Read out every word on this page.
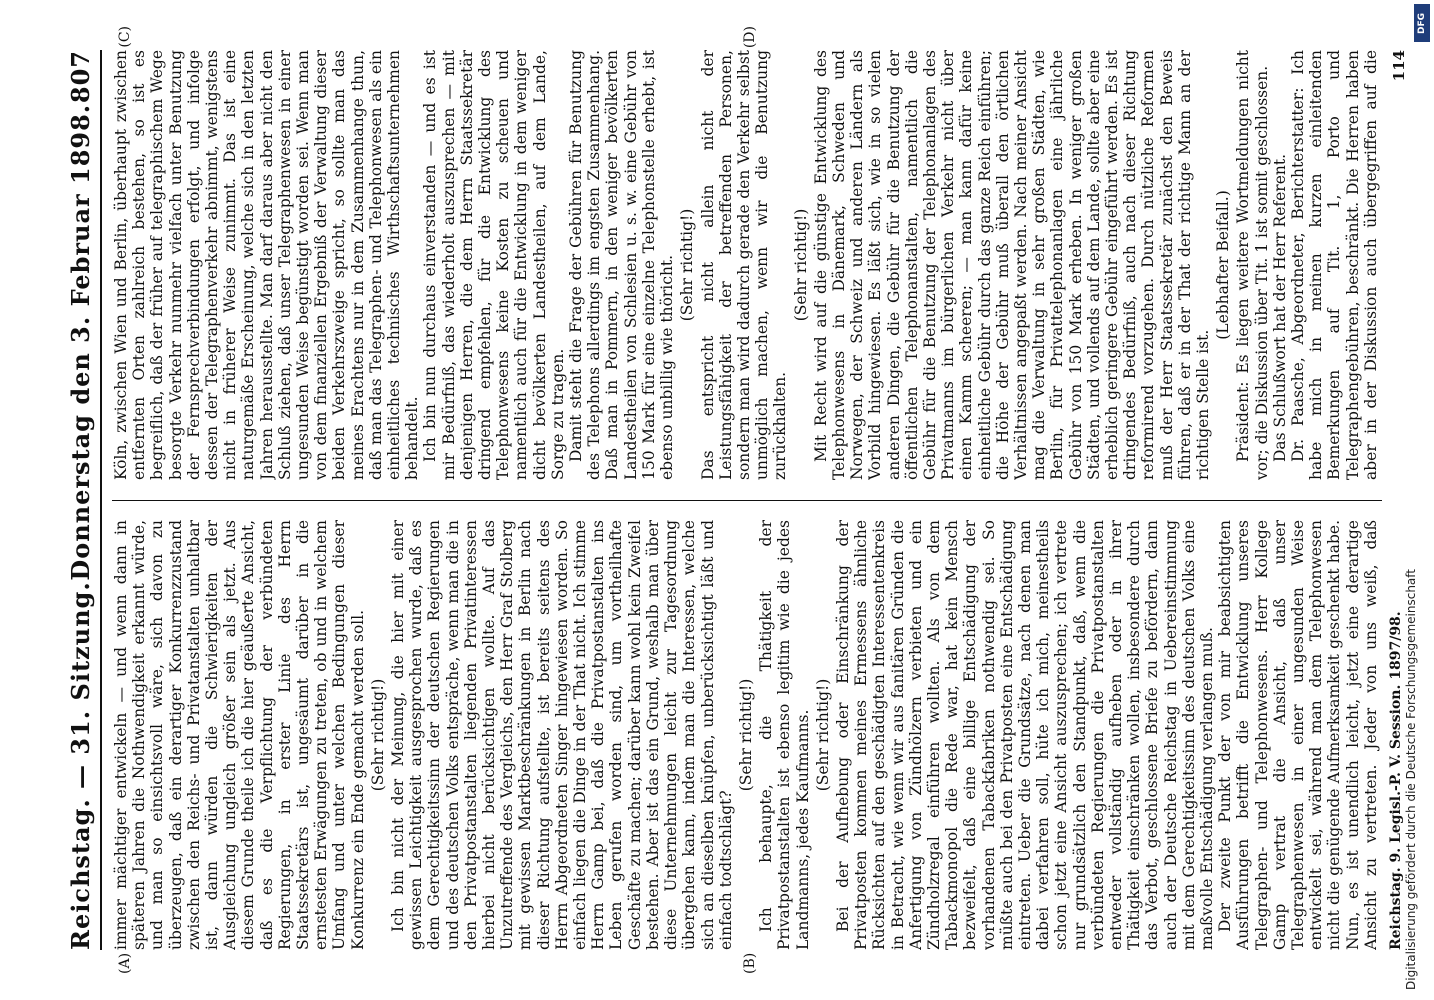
Reichstag. — 31. Sitzung.
Donnerstag den 3. Februar 1898.
807
(A)	(B)
(C)	(D)

immer mächtiger entwickeln — und wenn dann in späteren Jahren die Nothwendigkeit erkannt würde, und man so einsichtsvoll wäre, sich davon zu überzeugen, daß ein derartiger Konkurrenzzustand zwischen den Reichs- und Privatanstalten unhaltbar ist, dann würden die Schwierigkeiten der Ausgleichung ungleich größer sein als jetzt. Aus diesem Grunde theile ich die hier geäußerte Ansicht, daß es die Verpflichtung der verbündeten Regierungen, in erster Linie des Herrn Staatssekretärs ist, ungesäumt darüber in die ernstesten Erwägungen zu treten, ob und in welchem Umfang und unter welchen Bedingungen dieser Konkurrenz ein Ende gemacht werden soll. (Sehr richtig!) Ich bin nicht der Meinung, die hier mit einer gewissen Leichtigkeit ausgesprochen wurde, daß es dem Gerechtigkeitssinn der deutschen Regierungen und des deutschen Volks entspräche, wenn man die in den Privatpostanstalten liegenden Privatinteressen hierbei nicht berücksichtigen wollte. Auf das Unzutreffende des Vergleichs, den Herr Graf Stolberg mit gewissen Marktbeschränkungen in Berlin nach dieser Richtung aufstellte, ist bereits seitens des Herrn Abgeordneten Singer hingewiesen worden. So einfach liegen die Dinge in der That nicht. Ich stimme Herrn Gamp bei, daß die Privatpostanstalten ins Leben gerufen worden sind, um vortheilhafte Geschäfte zu machen; darüber kann wohl kein Zweifel bestehen. Aber ist das ein Grund, weshalb man über diese Unternehmungen leicht zur Tagesordnung übergehen kann, indem man die Interessen, welche sich an dieselben knüpfen, unberücksichtigt läßt und einfach todtschlägt?

(Sehr richtig!) Ich behaupte, die Thätigkeit der Privatpostanstalten ist ebenso legitim wie die jedes Landmanns, jedes Kaufmanns. (Sehr richtig!) Bei der Aufhebung oder Einschränkung der Privatposten kommen meines Ermessens ähnliche Rücksichten auf den geschädigten Interessentenkreis in Betracht, wie wenn wir aus fanitären Gründen die Anfertigung von Zündhölzern verbieten und ein Zündholzregal einführen wollten. Als von dem Tabackmonopol die Rede war, hat kein Mensch bezweifelt, daß eine billige Entschädigung der vorhandenen Tabackfabriken nothwendig sei. So müßte auch bei den Privatposten eine Entschädigung eintreten. Ueber die Grundsätze, nach denen man dabei verfahren soll, hüte ich mich, meinestheils schon jetzt eine Ansicht auszusprechen; ich vertrete nur grundsätzlich den Standpunkt, daß, wenn die verbündeten Regierungen die Privatpostanstalten entweder vollständig aufheben oder in ihrer Thätigkeit einschränken wollen, insbesondere durch das Verbot, geschlossene Briefe zu befördern, dann auch der Deutsche Reichstag in Uebereinstimmung mit dem Gerechtigkeitssinn des deutschen Volks eine maßvolle Entschädigung verlangen muß. Der zweite Punkt der von mir beabsichtigten Ausführungen betrifft die Entwicklung unseres Telegraphen- und Telephonwesens. Herr Kollege Gamp vertrat die Ansicht, daß unser Telegraphenwesen in einer ungesunden Weise entwickelt sei, während man dem Telephonwesen nicht die genügende Aufmerksamkeit geschenkt habe. Nun, es ist unendlich leicht, jetzt eine derartige Ansicht zu vertreten. Jeder von uns weiß, daß

Köln, zwischen Wien und Berlin, überhaupt zwischen entfernten Orten zahlreich bestehen, so ist es begreiflich, daß der früher auf telegraphischem Wege besorgte Verkehr nunmehr vielfach unter Benutzung der Fernsprechverbindungen erfolgt, und infolge dessen der Telegraphenverkehr abnimmt, wenigstens nicht in früherer Weise zunimmt. Das ist eine naturgemäße Erscheinung, welche sich in den letzten Jahren herausstellte. Man darf daraus aber nicht den Schluß ziehen, daß unser Telegraphenwesen in einer ungesunden Weise begünstigt worden sei. Wenn man von dem finanziellen Ergebniß der Verwaltung dieser beiden Verkehrszweige spricht, so sollte man das meines Erachtens nur in dem Zusammenhange thun, daß man das Telegraphen- und Telephonwesen als ein einheitliches technisches Wirthschaftsunternehmen behandelt. Ich bin nun durchaus einverstanden — und es ist mir Bedürfniß, das wiederholt auszusprechen — mit denjenigen Herren, die dem Herrn Staatssekretär dringend empfehlen, für die Entwicklung des Telephonwesens keine Kosten zu scheuen und namentlich auch für die Entwicklung in dem weniger dicht bevölkerten Landestheilen, auf dem Lande, Sorge zu tragen. Damit steht die Frage der Gebühren für Benutzung des Telephons allerdings im engsten Zusammenhang. Daß man in Pommern, in den weniger bevölkerten Landestheilen von Schlesien u. s. w. eine Gebühr von 150 Mark für eine einzelne Telephonstelle erhebt, ist ebenso unbillig wie thöricht. (Sehr richtig!) Das entspricht nicht allein nicht der Leistungsfähigkeit der betreffenden Personen, sondern man wird dadurch gerade den Verkehr selbst unmöglich machen, wenn wir die Benutzung zurückhalten.

(Sehr richtig!) Mit Recht wird auf die günstige Entwicklung des Telephonwesens in Dänemark, Schweden und Norwegen, der Schweiz und anderen Ländern als Vorbild hingewiesen. Es läßt sich, wie in so vielen anderen Dingen, die Gebühr für die Benutzung der öffentlichen Telephonanstalten, namentlich die Gebühr für die Benutzung der Telephonanlagen des Privatmanns im bürgerlichen Verkehr nicht über einen Kamm scheeren; — man kann dafür keine einheitliche Gebühr durch das ganze Reich einführen; die Höhe der Gebühr muß überall den örtlichen Verhältnissen angepaßt werden. Nach meiner Ansicht mag die Verwaltung in sehr großen Städten, wie Berlin, für Privattelephonanlagen eine jährliche Gebühr von 150 Mark erheben. In weniger großen Städten, und vollends auf dem Lande, sollte aber eine erheblich geringere Gebühr eingeführt werden. Es ist dringendes Bedürfniß, auch nach dieser Richtung reformirend vorzugehen. Durch nützliche Reformen muß der Herr Staatssekretär zunächst den Beweis führen, daß er in der That der richtige Mann an der richtigen Stelle ist.

(Lebhafter Beifall.) Präsident: Es liegen weitere Wortmeldungen nicht vor; die Diskussion über Tit. 1 ist somit geschlossen. Das Schlußwort hat der Herr Referent. Dr. Paasche, Abgeordneter, Berichterstatter: Ich habe mich in meinen kurzen einleitenden Bemerkungen auf Tit. 1, Porto und Telegraphengebühren, beschränkt. Die Herren haben aber in der Diskussion auch übergegriffen auf die

Reichstag. 9. Legisl.-P. V. Session. 1897/98.
114
DFG
Digitalisierung gefördert durch die Deutsche Forschungsgemeinschaft
